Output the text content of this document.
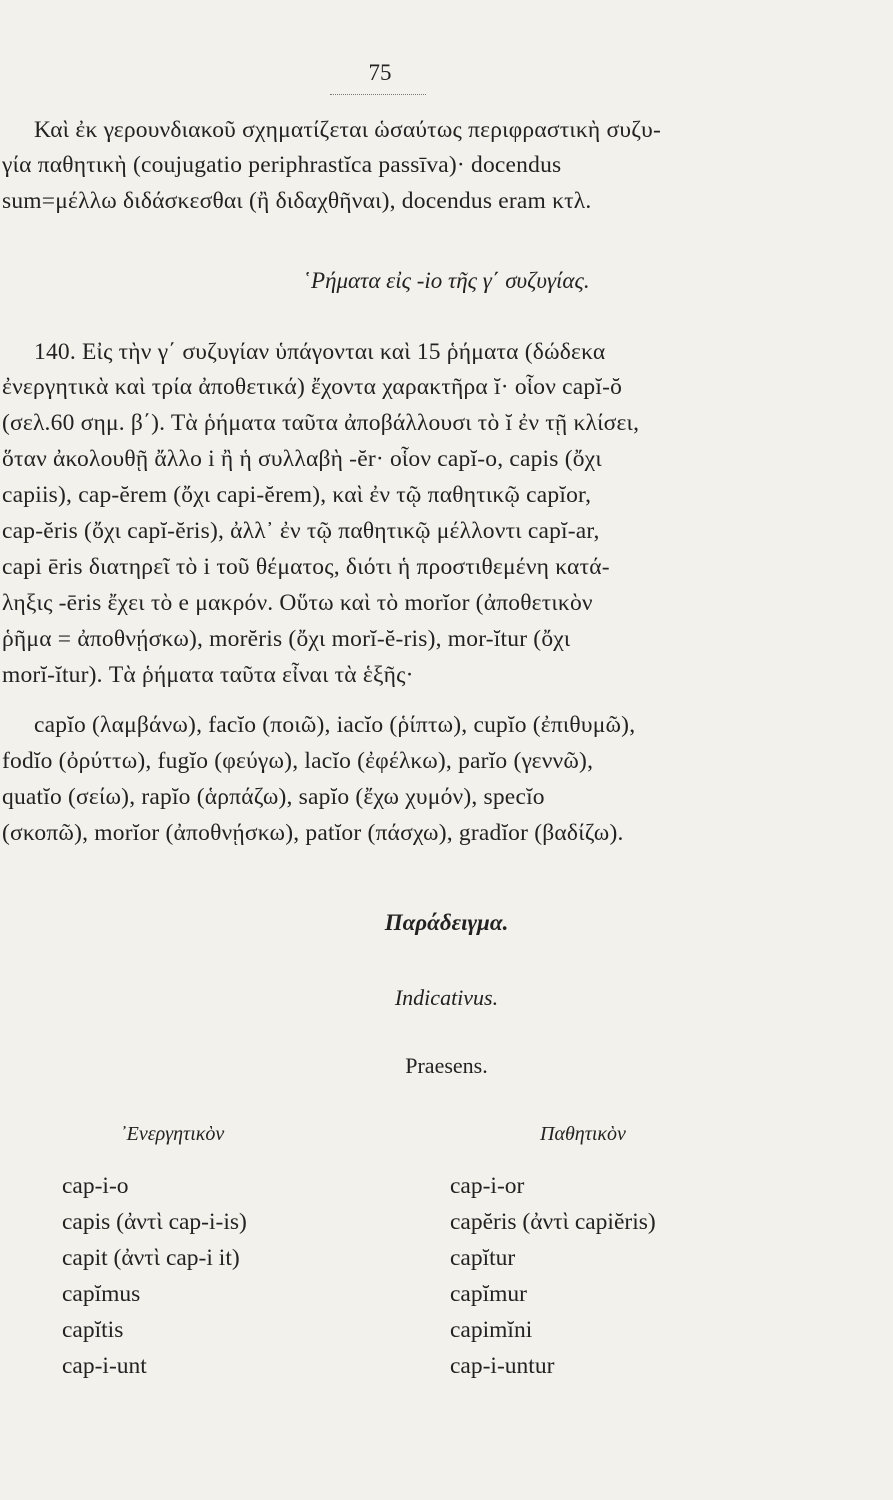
75
Καὶ ἐκ γερουνδιακοῦ σχηματίζεται ὡσαύτως περιφραστικὴ συζυ-
γία παθητικὴ (coujugatio periphrastĭca passīva)· docendus
sum=μέλλω διδάσκεσθαι (ἢ διδαχθῆναι), docendus eram κτλ.
῾Ρήματα εἰς -io τῆς γ΄ συζυγίας.
140. Εἰς τὴν γ΄ συζυγίαν ὑπάγονται καὶ 15 ῥήματα (δώδεκα
ἐνεργητικὰ καὶ τρία ἀποθετικά) ἔχοντα χαρακτῆρα ĭ· οἷον capĭ-ŏ
(σελ.60 σημ. β΄). Τὰ ῥήματα ταῦτα ἀποβάλλουσι τὸ ĭ ἐν τῇ κλίσει,
ὅταν ἀκολουθῇ ἄλλο i ἢ ἡ συλλαβὴ -ĕr· οἷον capĭ-o, capis (ὄχι
capiis), cap-ĕrem (ὄχι capi-ĕrem), καὶ ἐν τῷ παθητικῷ capĭor,
cap-ĕris (ὄχι capĭ-ĕris), ἀλλ᾽ ἐν τῷ παθητικῷ μέλλοντι capĭ-ar,
capi ēris διατηρεῖ τὸ i τοῦ θέματος, διότι ἡ προστιθεμένη κατά-
ληξις -ēris ἔχει τὸ e μακρόν. Οὕτω καὶ τὸ morĭor (ἀποθετικὸν
ῥῆμα = ἀποθνῄσκω), morĕris (ὄχι morĭ-ĕ-ris), mor-ĭtur (ὄχι
morĭ-ĭtur). Τὰ ῥήματα ταῦτα εἶναι τὰ ἑξῆς·
capĭo (λαμβάνω), facĭo (ποιῶ), iacĭo (ῥίπτω), cupĭo (ἐπιθυμῶ),
fodĭo (ὀρύττω), fugĭo (φεύγω), lacĭo (ἐφέλκω), parĭo (γεννῶ),
quatĭo (σείω), rapĭo (ἁρπάζω), sapĭo (ἔχω χυμόν), specĭo
(σκοπῶ), morĭor (ἀποθνῄσκω), patĭor (πάσχω), gradĭor (βαδίζω).
Παράδειγμα.
Indicativus.
Praesens.
᾿Ενεργητικὸν
cap-i-o
capis (ἀντὶ cap-i-is)
capit (ἀντὶ cap-i it)
capĭmus
capĭtis
cap-i-unt
Παθητικὸν
cap-i-or
capĕris (ἀντὶ capiĕris)
capĭtur
capĭmur
capimĭni
cap-i-untur
